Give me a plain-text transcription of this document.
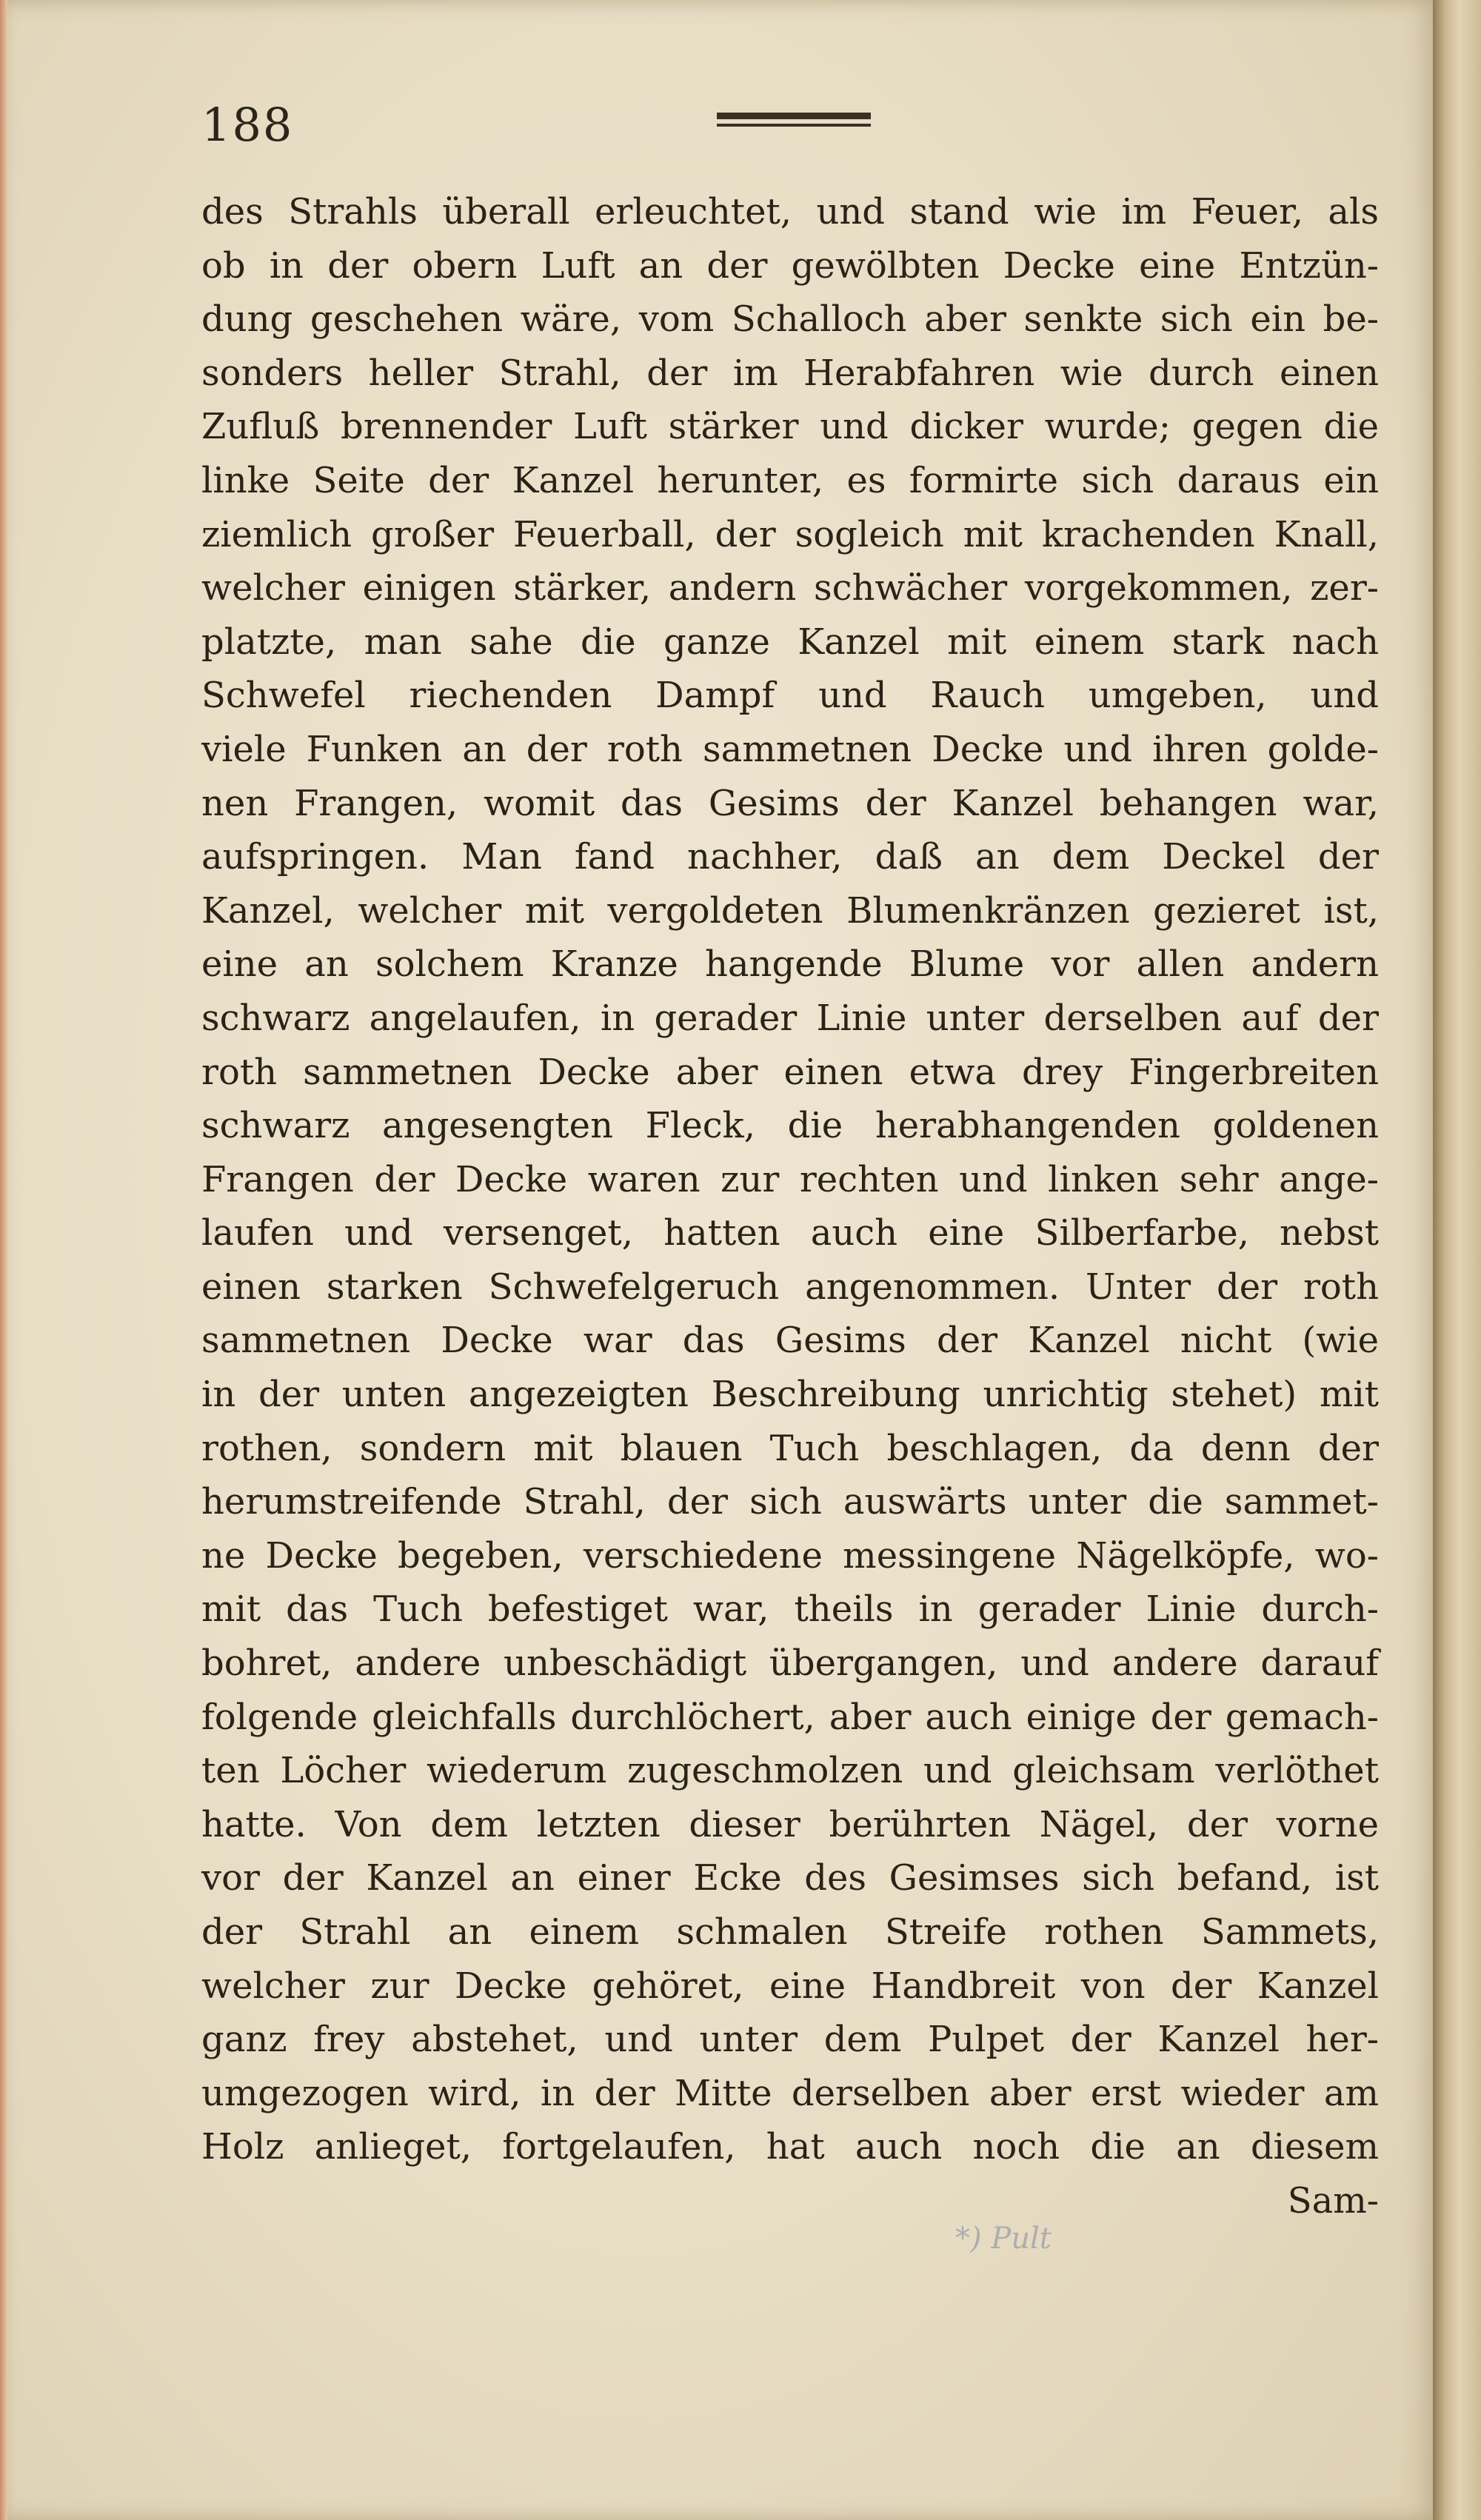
188
des Strahls überall erleuchtet, und stand wie im Feuer, als
ob in der obern Luft an der gewölbten Decke eine Entzün-
dung geschehen wäre, vom Schalloch aber senkte sich ein be-
sonders heller Strahl, der im Herabfahren wie durch einen
Zufluß brennender Luft stärker und dicker wurde; gegen die
linke Seite der Kanzel herunter, es formirte sich daraus ein
ziemlich großer Feuerball, der sogleich mit krachenden Knall,
welcher einigen stärker, andern schwächer vorgekommen, zer-
platzte, man sahe die ganze Kanzel mit einem stark nach
Schwefel riechenden Dampf und Rauch umgeben, und
viele Funken an der roth sammetnen Decke und ihren golde-
nen Frangen, womit das Gesims der Kanzel behangen war,
aufspringen. Man fand nachher, daß an dem Deckel der
Kanzel, welcher mit vergoldeten Blumenkränzen gezieret ist,
eine an solchem Kranze hangende Blume vor allen andern
schwarz angelaufen, in gerader Linie unter derselben auf der
roth sammetnen Decke aber einen etwa drey Fingerbreiten
schwarz angesengten Fleck, die herabhangenden goldenen
Frangen der Decke waren zur rechten und linken sehr ange-
laufen und versenget, hatten auch eine Silberfarbe, nebst
einen starken Schwefelgeruch angenommen. Unter der roth
sammetnen Decke war das Gesims der Kanzel nicht (wie
in der unten angezeigten Beschreibung unrichtig stehet) mit
rothen, sondern mit blauen Tuch beschlagen, da denn der
herumstreifende Strahl, der sich auswärts unter die sammet-
ne Decke begeben, verschiedene messingene Nägelköpfe, wo-
mit das Tuch befestiget war, theils in gerader Linie durch-
bohret, andere unbeschädigt übergangen, und andere darauf
folgende gleichfalls durchlöchert, aber auch einige der gemach-
ten Löcher wiederum zugeschmolzen und gleichsam verlöthet
hatte. Von dem letzten dieser berührten Nägel, der vorne
vor der Kanzel an einer Ecke des Gesimses sich befand, ist
der Strahl an einem schmalen Streife rothen Sammets,
welcher zur Decke gehöret, eine Handbreit von der Kanzel
ganz frey abstehet, und unter dem Pulpet der Kanzel her-
umgezogen wird, in der Mitte derselben aber erst wieder am
Holz anlieget, fortgelaufen, hat auch noch die an diesem
Sam-
*) Pult
